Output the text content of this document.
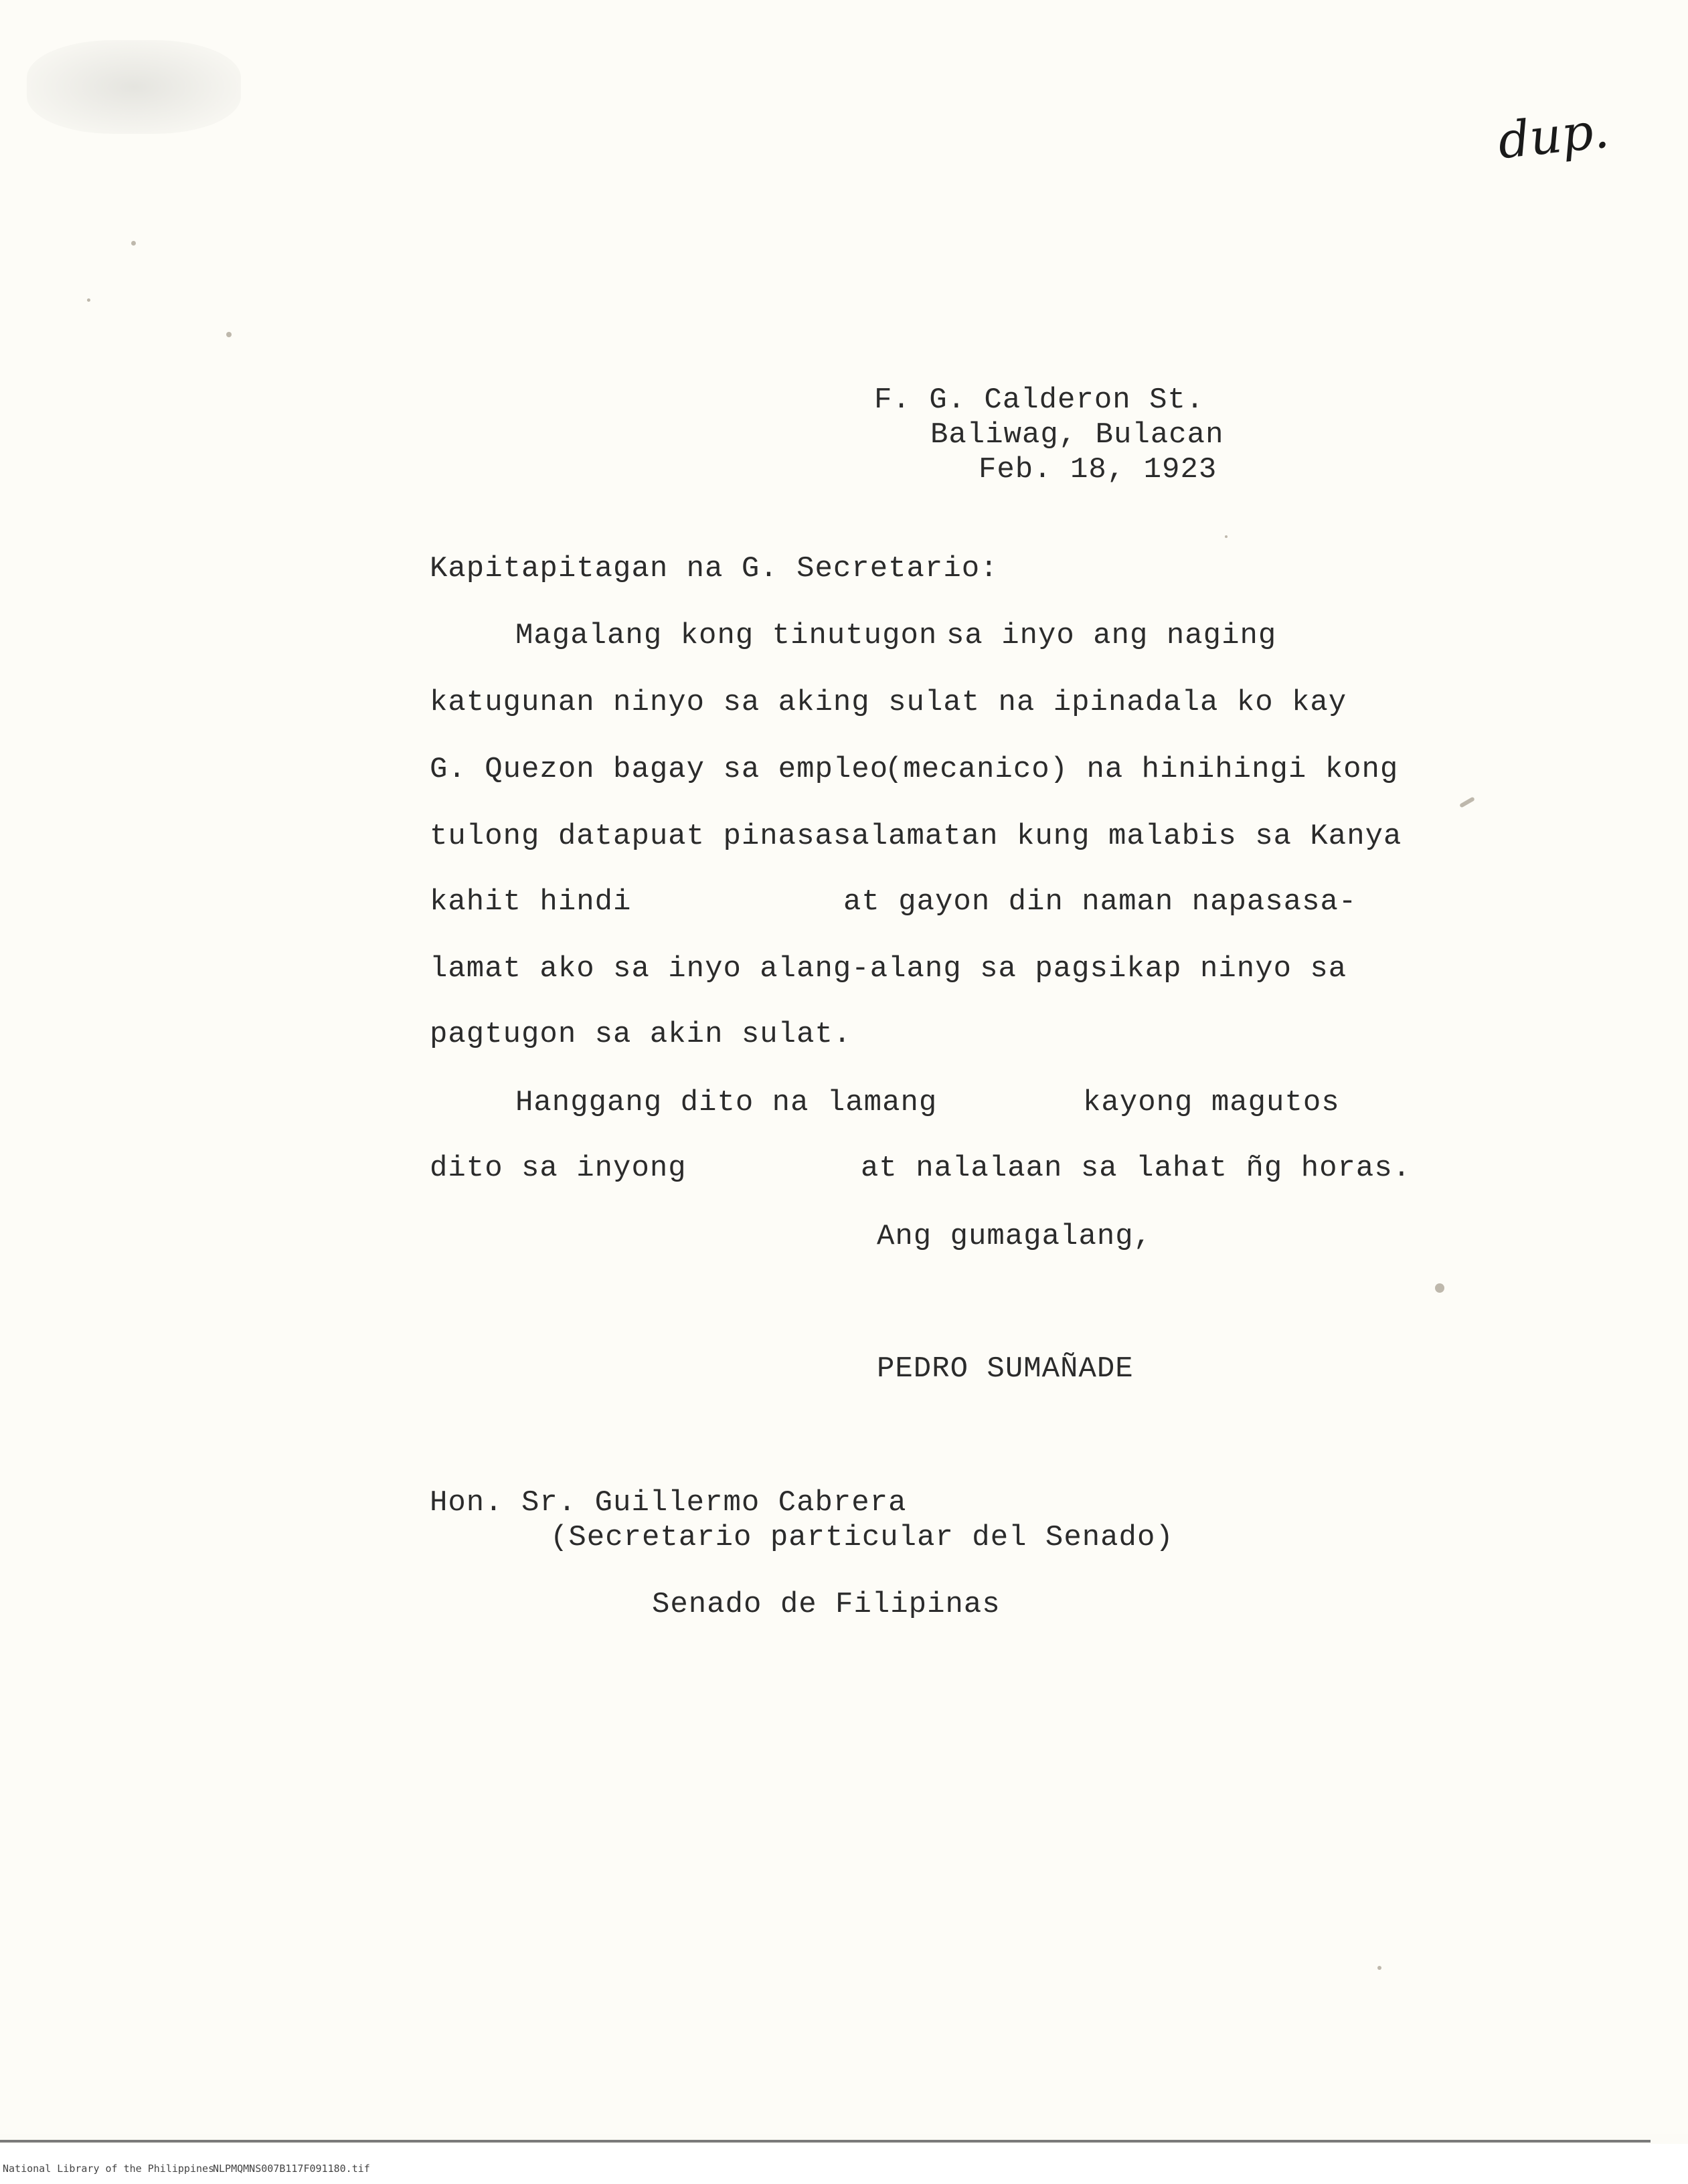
dup.
F. G. Calderon St.
Baliwag, Bulacan
Feb. 18, 1923
Kapitapitagan na G. Secretario:
Magalang kong tinutugon sa inyo ang naging
katugunan ninyo sa aking sulat na ipinadala ko kay
G. Quezon bagay sa empleo
(mecanico) na hinihingi kong
tulong datapuat pinasasalamatan kung malabis sa Kanya
kahit hindi	at gayon din naman napasasa-
lamat ako sa inyo alang-alang sa pagsikap ninyo sa
pagtugon sa akin sulat.
Hanggang dito na lamang	kayong magutos
dito sa inyong	at nalalaan sa lahat ñg horas.
Ang gumagalang,
PEDRO SUMAÑADE
Hon. Sr. Guillermo Cabrera
(Secretario particular del Senado)
Senado de Filipinas
National Library of the Philippines
NLPMQMNS007B117F091180.tif
